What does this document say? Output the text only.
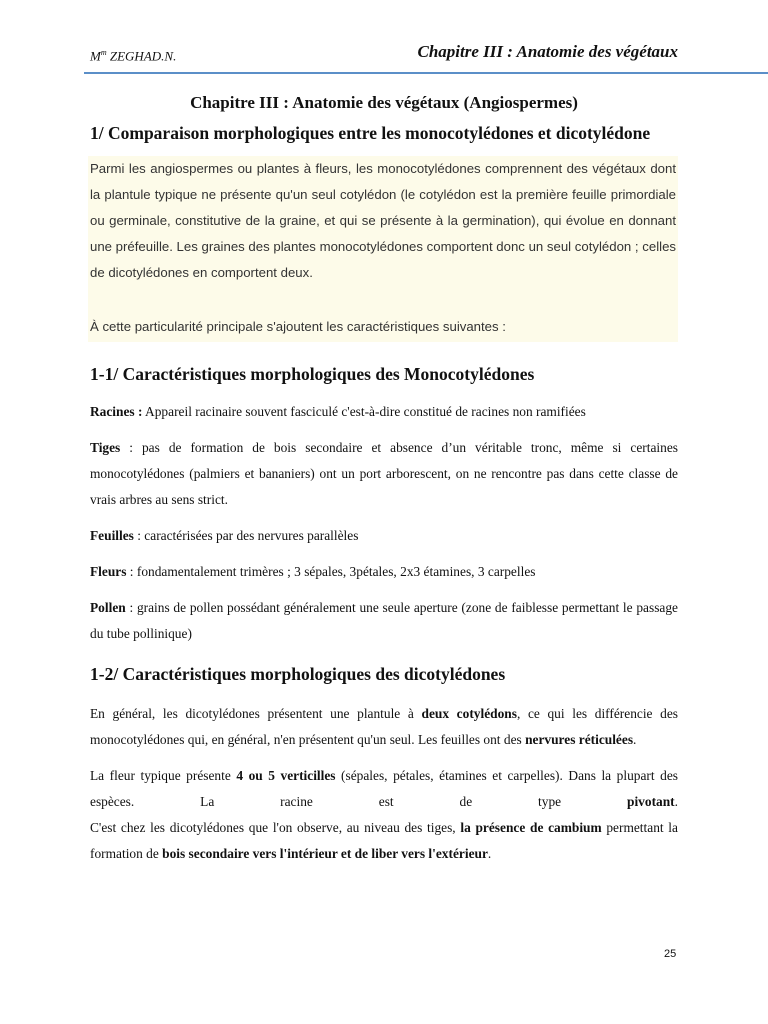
$M^m$ ZEGHAD.N.	Chapitre III : Anatomie des végétaux
Chapitre III : Anatomie des végétaux (Angiospermes)
1/ Comparaison morphologiques entre les monocotylédones et dicotylédone

Parmi les angiospermes ou plantes à fleurs, les monocotylédones comprennent des végétaux dont la plantule typique ne présente qu'un seul cotylédon (le cotylédon est la première feuille primordiale ou germinale, constitutive de la graine, et qui se présente à la germination), qui évolue en donnant une préfeuille. Les graines des plantes monocotylédones comportent donc un seul cotylédon ; celles de dicotylédones en comportent deux.

À cette particularité principale s'ajoutent les caractéristiques suivantes :

1-1/ Caractéristiques morphologiques des Monocotylédones

Racines : Appareil racinaire souvent fasciculé c'est-à-dire constitué de racines non ramifiées

Tiges : pas de formation de bois secondaire et absence d’un véritable tronc, même si certaines monocotylédones (palmiers et bananiers) ont un port arborescent, on ne rencontre pas dans cette classe de vrais arbres au sens strict.

Feuilles : caractérisées par des nervures parallèles

Fleurs : fondamentalement trimères ; 3 sépales, 3pétales, 2x3 étamines, 3 carpelles

Pollen : grains de pollen possédant généralement une seule aperture (zone de faiblesse permettant le passage du tube pollinique)

1-2/ Caractéristiques morphologiques des dicotylédones

En général, les dicotylédones présentent une plantule à deux cotylédons, ce qui les différencie des monocotylédones qui, en général, n'en présentent qu'un seul. Les feuilles ont des nervures réticulées.

La fleur typique présente 4 ou 5 verticilles (sépales, pétales, étamines et carpelles). Dans la plupart des espèces. La racine est de type pivotant.

C'est chez les dicotylédones que l'on observe, au niveau des tiges, la présence de cambium permettant la formation de bois secondaire vers l'intérieur et de liber vers l'extérieur.

25
